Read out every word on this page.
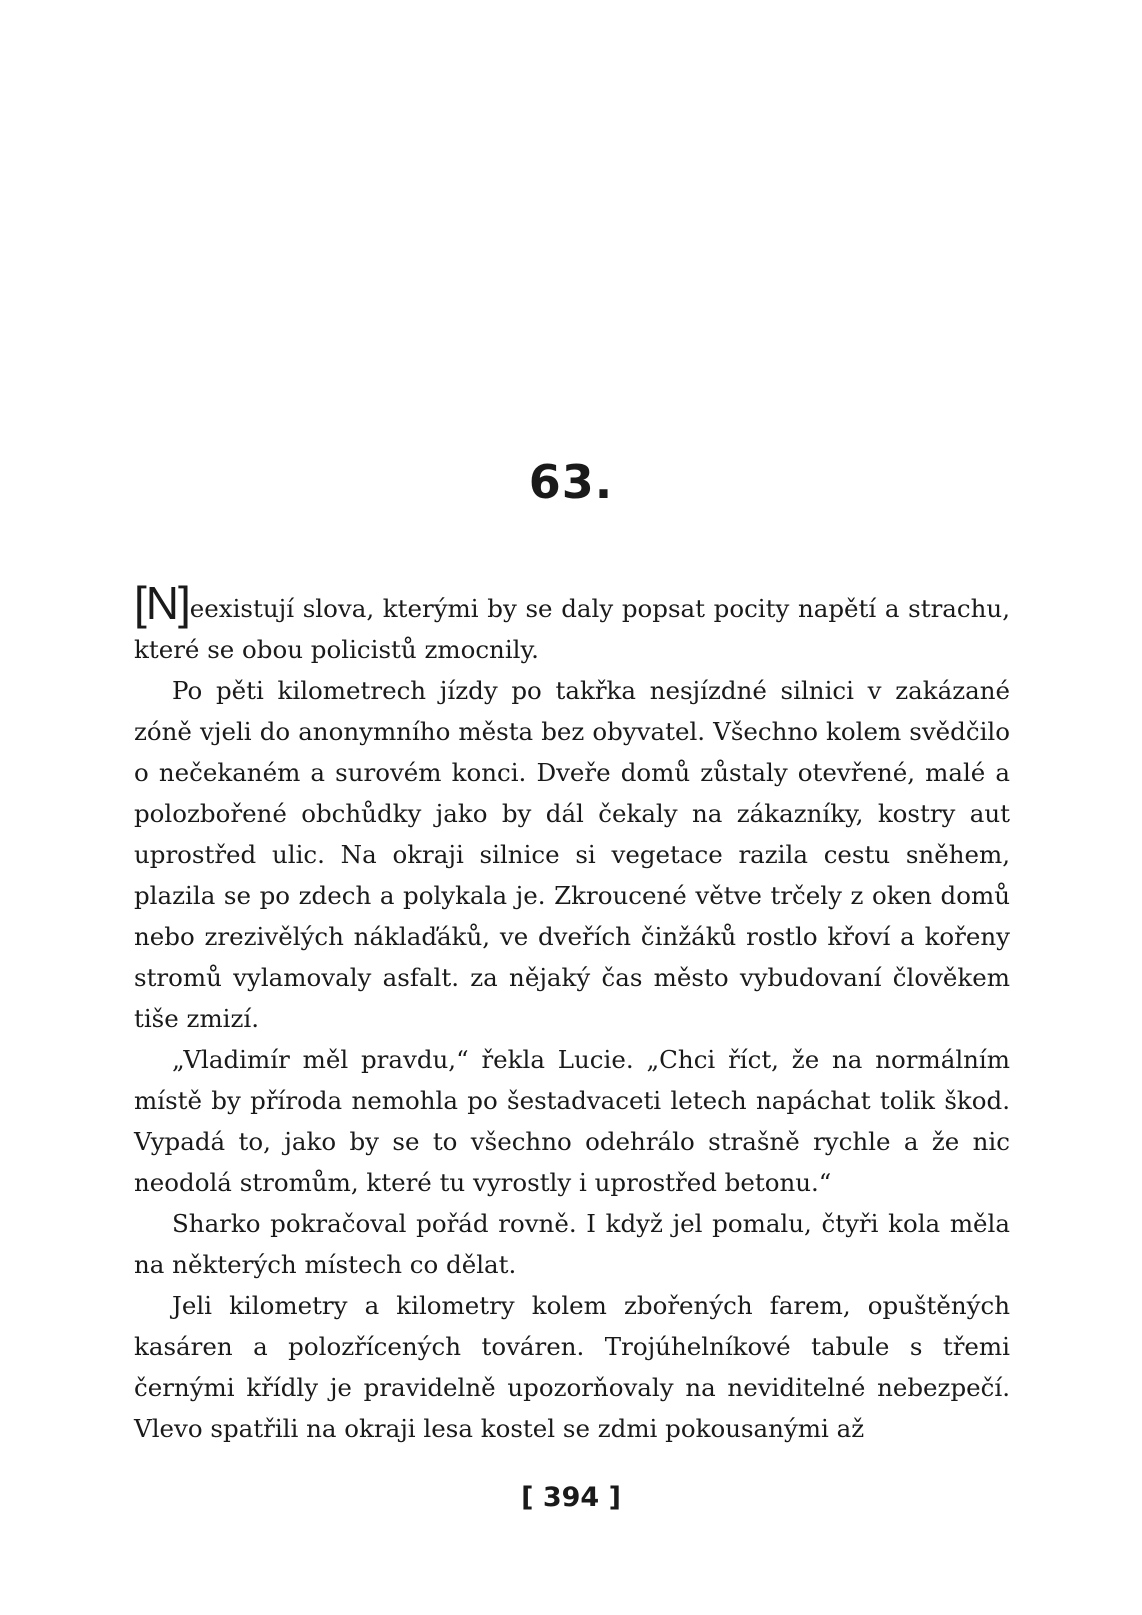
63.

[N]eexistují slova, kterými by se daly popsat pocity napětí a strachu, které se obou policistů zmocnily.

Po pěti kilometrech jízdy po takřka nesjízdné silnici v zakázané zóně vjeli do anonymního města bez obyvatel. Všechno kolem svědčilo o nečekaném a surovém konci. Dveře domů zůstaly otevřené, malé a polozbořené obchůdky jako by dál čekaly na zákazníky, kostry aut uprostřed ulic. Na okraji silnice si vegetace razila cestu sněhem, plazila se po zdech a polykala je. Zkroucené větve trčely z oken domů nebo zrezivělých náklaďáků, ve dveřích činžáků rostlo křoví a kořeny stromů vylamovaly asfalt. za nějaký čas město vybudovaní člověkem tiše zmizí.

„Vladimír měl pravdu,“ řekla Lucie. „Chci říct, že na normálním místě by příroda nemohla po šestadvaceti letech napáchat tolik škod. Vypadá to, jako by se to všechno odehrálo strašně rychle a že nic neodolá stromům, které tu vyrostly i uprostřed betonu.“

Sharko pokračoval pořád rovně. I když jel pomalu, čtyři kola měla na některých místech co dělat.

Jeli kilometry a kilometry kolem zbořených farem, opuštěných kasáren a polozřícených továren. Trojúhelníkové tabule s třemi černými křídly je pravidelně upozorňovaly na neviditelné nebezpečí. Vlevo spatřili na okraji lesa kostel se zdmi pokousanými až

[ 394 ]
